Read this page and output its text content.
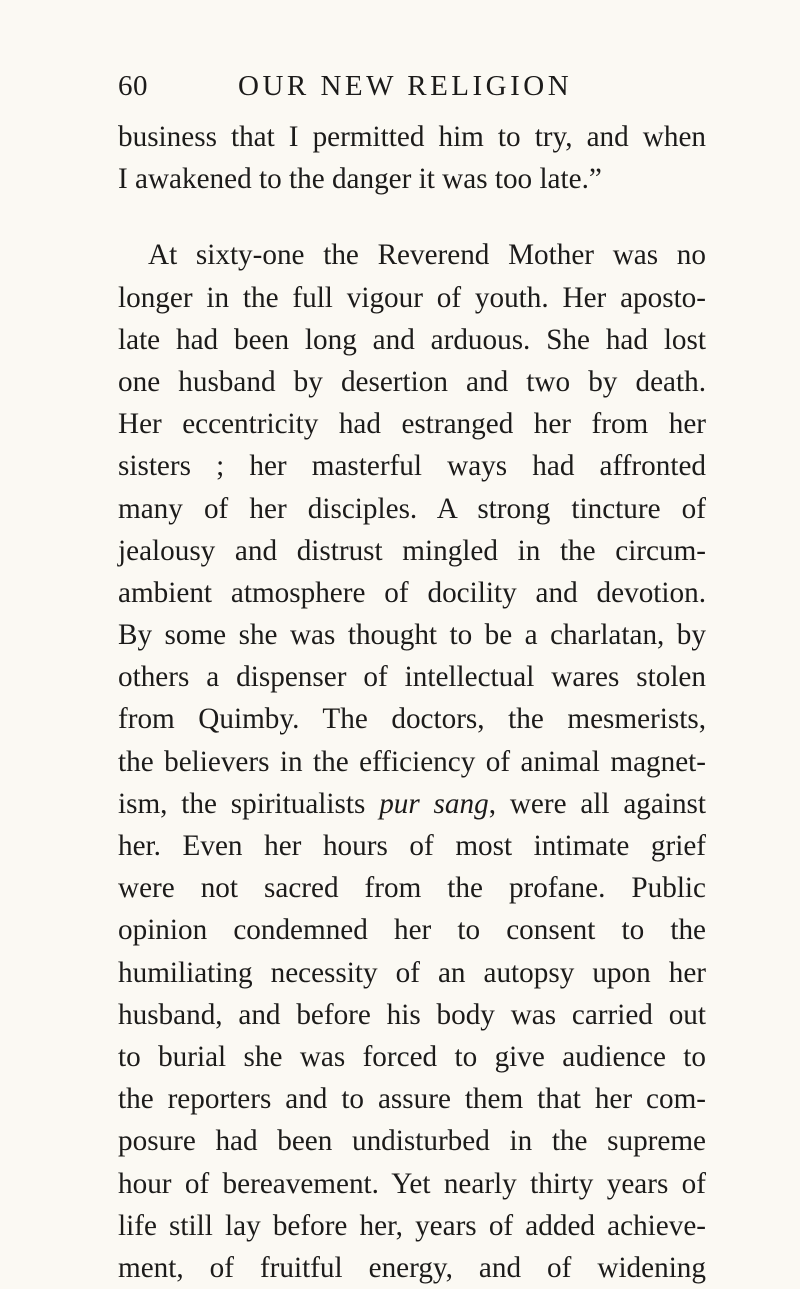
60	OUR NEW RELIGION
business that I permitted him to try, and when
I awakened to the danger it was too late.”
At sixty-one the Reverend Mother was no
longer in the full vigour of youth. Her aposto-
late had been long and arduous. She had lost
one husband by desertion and two by death.
Her eccentricity had estranged her from her
sisters ; her masterful ways had affronted
many of her disciples. A strong tincture of
jealousy and distrust mingled in the circum-
ambient atmosphere of docility and devotion.
By some she was thought to be a charlatan, by
others a dispenser of intellectual wares stolen
from Quimby. The doctors, the mesmerists,
the believers in the efficiency of animal magnet-
ism, the spiritualists pur sang, were all against
her. Even her hours of most intimate grief
were not sacred from the profane. Public
opinion condemned her to consent to the
humiliating necessity of an autopsy upon her
husband, and before his body was carried out
to burial she was forced to give audience to
the reporters and to assure them that her com-
posure had been undisturbed in the supreme
hour of bereavement. Yet nearly thirty years of
life still lay before her, years of added achieve-
ment, of fruitful energy, and of widening
